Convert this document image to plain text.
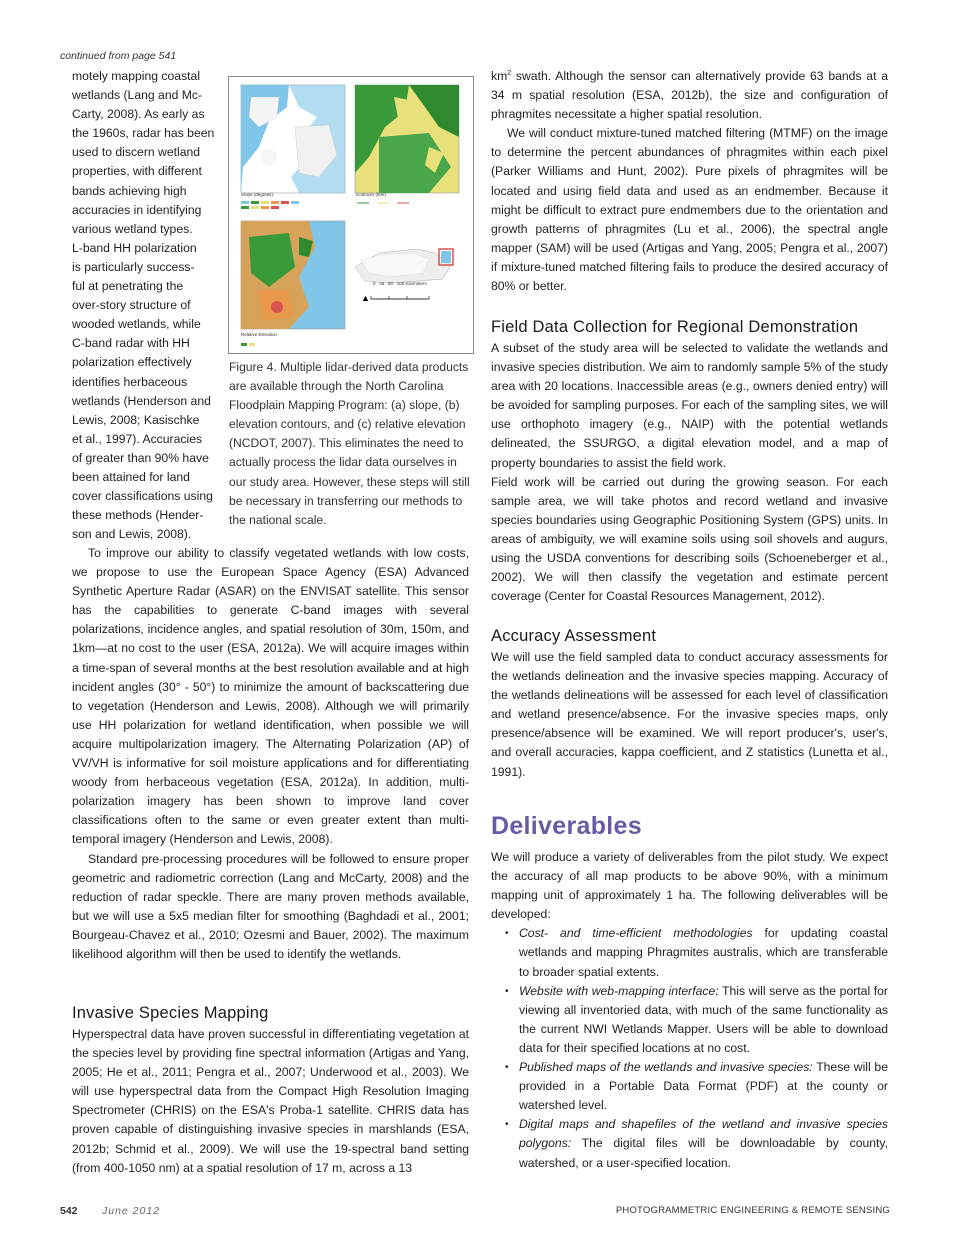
continued from page 541
motely mapping coastal
wetlands (Lang and Mc-
Carty, 2008). As early as
the 1960s, radar has been
used to discern wetland
properties, with different
bands achieving high
accuracies in identifying
various wetland types.
L-band HH polarization
is particularly success-
ful at penetrating the
over-story structure of
wooded wetlands, while
C-band radar with HH
polarization effectively
identifies herbaceous
wetlands (Henderson and
Lewis, 2008; Kasischke
et al., 1997). Accuracies
of greater than 90% have
been attained for land
cover classifications using
these methods (Hender-
son and Lewis, 2008).
▲
Slope (degrees)	Contours (feet)
Relative Elevation
0   25   50   100 Kilometers
Figure 4. Multiple lidar-derived data products are available through the North Carolina Floodplain Mapping Program: (a) slope, (b) elevation contours, and (c) relative elevation (NCDOT, 2007). This eliminates the need to actually process the lidar data ourselves in our study area. However, these steps will still be necessary in transferring our methods to the national scale.

To improve our ability to classify vegetated wetlands with low costs, we propose to use the European Space Agency (ESA) Advanced Synthetic Aperture Radar (ASAR) on the ENVISAT satellite. This sensor has the capabilities to generate C-band images with several polarizations, incidence angles, and spatial resolution of 30m, 150m, and 1km—at no cost to the user (ESA, 2012a). We will acquire images within a time-span of several months at the best resolution available and at high incident angles (30° - 50°) to minimize the amount of backscattering due to vegetation (Henderson and Lewis, 2008). Although we will primarily use HH polarization for wetland identification, when possible we will acquire multipolarization imagery. The Alternating Polarization (AP) of VV/VH is informative for soil moisture applications and for differentiating woody from herbaceous vegetation (ESA, 2012a). In addition, multi-polarization imagery has been shown to improve land cover classifications often to the same or even greater extent than multi-temporal imagery (Henderson and Lewis, 2008).

Standard pre-processing procedures will be followed to ensure proper geometric and radiometric correction (Lang and McCarty, 2008) and the reduction of radar speckle. There are many proven methods available, but we will use a 5x5 median filter for smoothing (Baghdadi et al., 2001; Bourgeau-Chavez et al., 2010; Ozesmi and Bauer, 2002). The maximum likelihood algorithm will then be used to identify the wetlands.

Invasive Species Mapping
Hyperspectral data have proven successful in differentiating vegetation at the species level by providing fine spectral information (Artigas and Yang, 2005; He et al., 2011; Pengra et al., 2007; Underwood et al., 2003). We will use hyperspectral data from the Compact High Resolution Imaging Spectrometer (CHRIS) on the ESA's Proba-1 satellite. CHRIS data has proven capable of distinguishing invasive species in marshlands (ESA, 2012b; Schmid et al., 2009). We will use the 19-spectral band setting (from 400-1050 nm) at a spatial resolution of 17 m, across a 13

$km^2$ swath. Although the sensor can alternatively provide 63 bands at a 34 m spatial resolution (ESA, 2012b), the size and configuration of phragmites necessitate a higher spatial resolution.

We will conduct mixture-tuned matched filtering (MTMF) on the image to determine the percent abundances of phragmites within each pixel (Parker Williams and Hunt, 2002). Pure pixels of phragmites will be located and using field data and used as an endmember. Because it might be difficult to extract pure endmembers due to the orientation and growth patterns of phragmites (Lu et al., 2006), the spectral angle mapper (SAM) will be used (Artigas and Yang, 2005; Pengra et al., 2007) if mixture-tuned matched filtering fails to produce the desired accuracy of 80% or better.

Field Data Collection for Regional Demonstration

A subset of the study area will be selected to validate the wetlands and invasive species distribution. We aim to randomly sample 5% of the study area with 20 locations. Inaccessible areas (e.g., owners denied entry) will be avoided for sampling purposes. For each of the sampling sites, we will use orthophoto imagery (e.g., NAIP) with the potential wetlands delineated, the SSURGO, a digital elevation model, and a map of property boundaries to assist the field work.

Field work will be carried out during the growing season. For each sample area, we will take photos and record wetland and invasive species boundaries using Geographic Positioning System (GPS) units. In areas of ambiguity, we will examine soils using soil shovels and augurs, using the USDA conventions for describing soils (Schoeneberger et al., 2002). We will then classify the vegetation and estimate percent coverage (Center for Coastal Resources Management, 2012).

Accuracy Assessment
We will use the field sampled data to conduct accuracy assessments for the wetlands delineation and the invasive species mapping. Accuracy of the wetlands delineations will be assessed for each level of classification and wetland presence/absence. For the invasive species maps, only presence/absence will be examined. We will report producer's, user's, and overall accuracies, kappa coefficient, and Z statistics (Lunetta et al., 1991).
Deliverables

We will produce a variety of deliverables from the pilot study. We expect the accuracy of all map products to be above 90%, with a minimum mapping unit of approximately 1 ha. The following deliverables will be developed:

• Cost- and time-efficient methodologies for updating coastal wetlands and mapping Phragmites australis, which are transferable to broader spatial extents.
• Website with web-mapping interface: This will serve as the portal for viewing all inventoried data, with much of the same functionality as the current NWI Wetlands Mapper. Users will be able to download data for their specified locations at no cost.
• Published maps of the wetlands and invasive species: These will be provided in a Portable Data Format (PDF) at the county or watershed level.
• Digital maps and shapefiles of the wetland and invasive species polygons: The digital files will be downloadable by county, watershed, or a user-specified location.
542 June 2012	PHOTOGRAMMETRIC ENGINEERING & REMOTE SENSING
